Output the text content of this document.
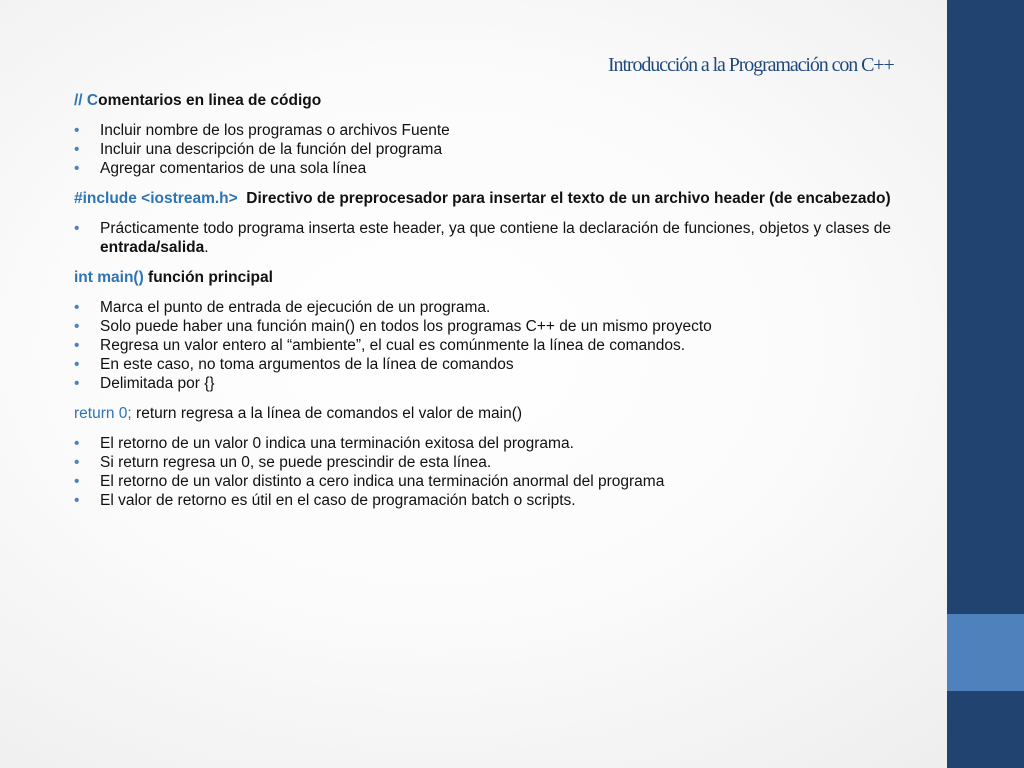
Introducción a la Programación con C++
// Comentarios en linea de código
• Incluir nombre de los programas o archivos Fuente
• Incluir una descripción de la función del programa
• Agregar comentarios de una sola línea
#include <iostream.h>  Directivo de preprocesador para insertar el texto de un archivo header (de encabezado)
• Prácticamente todo programa inserta este header, ya que contiene la declaración de funciones, objetos y clases de entrada/salida.
int main() función principal
• Marca el punto de entrada de ejecución de un programa.
• Solo puede haber una función main() en todos los programas C++ de un mismo proyecto
• Regresa un valor entero al “ambiente”, el cual es comúnmente la línea de comandos.
• En este caso, no toma argumentos de la línea de comandos
• Delimitada por {}
return 0; return regresa a la línea de comandos el valor de main()
• El retorno de un valor 0 indica una terminación exitosa del programa.
• Si return regresa un 0, se puede prescindir de esta línea.
• El retorno de un valor distinto a cero indica una terminación anormal del programa
• El valor de retorno es útil en el caso de programación batch o scripts.
